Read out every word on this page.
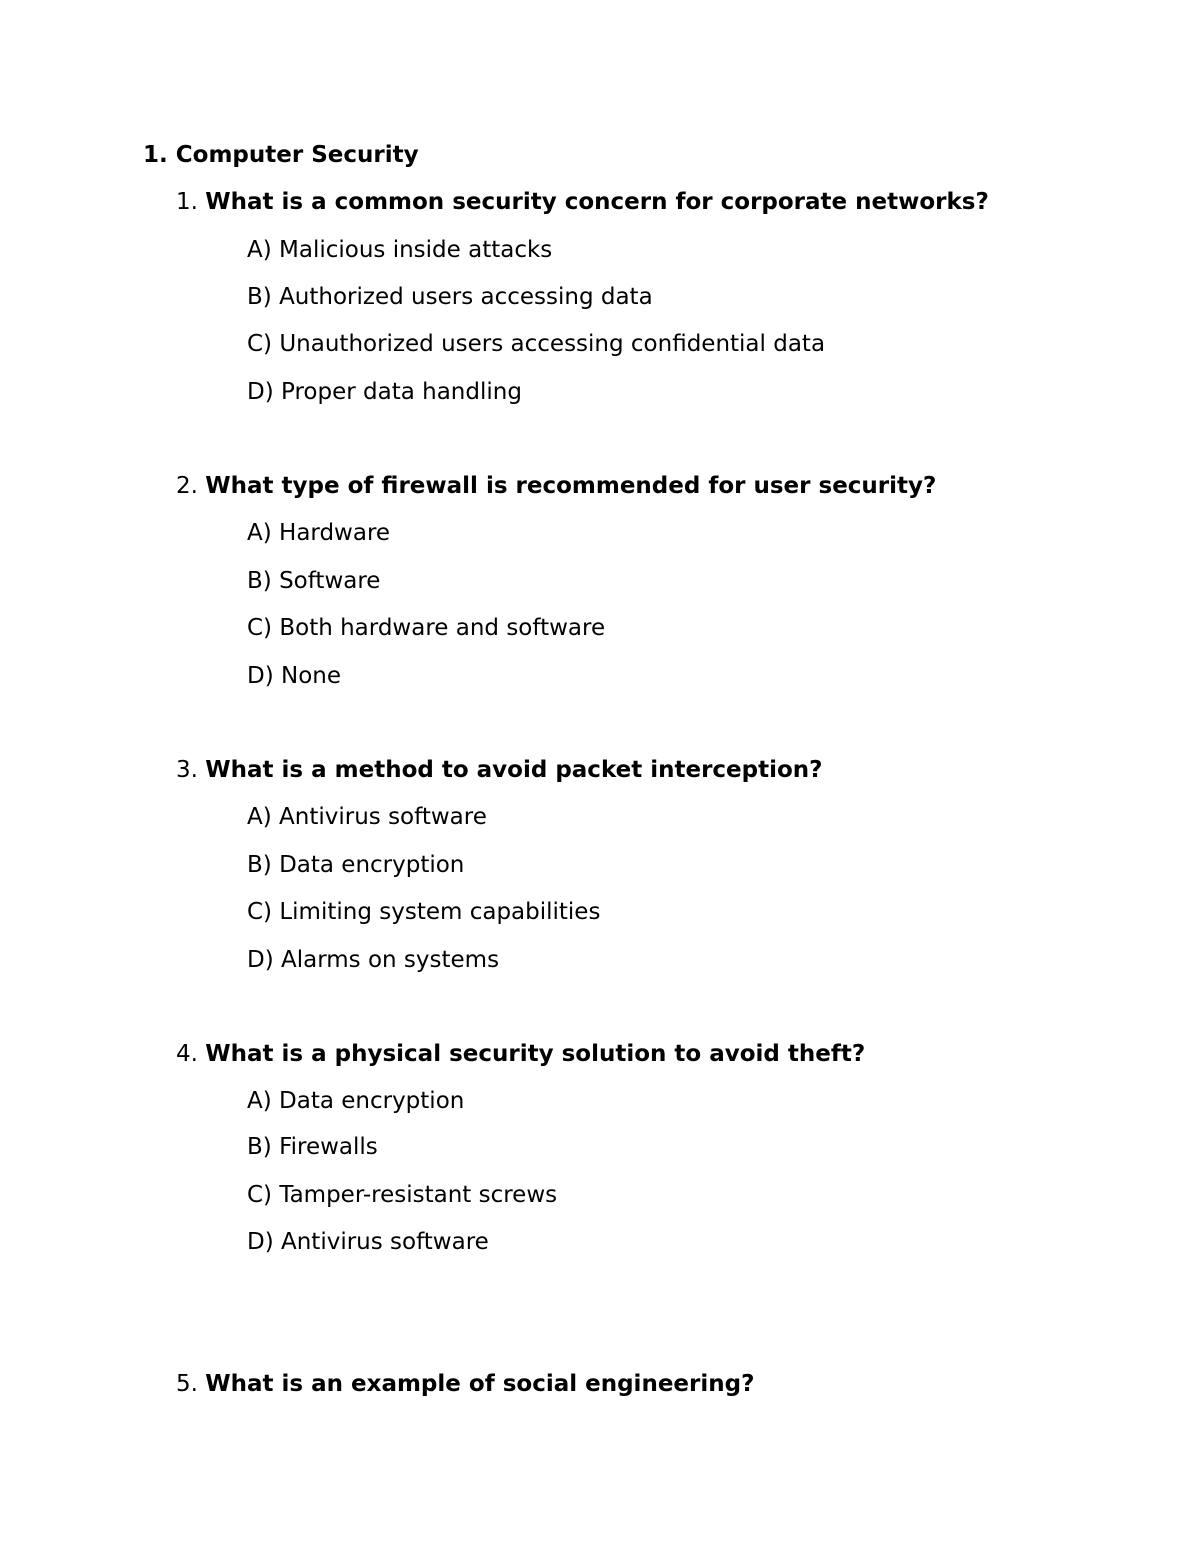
1. Computer Security
1. What is a common security concern for corporate networks?
A) Malicious inside attacks
B) Authorized users accessing data
C) Unauthorized users accessing confidential data
D) Proper data handling
2. What type of firewall is recommended for user security?
A) Hardware
B) Software
C) Both hardware and software
D) None
3. What is a method to avoid packet interception?
A) Antivirus software
B) Data encryption
C) Limiting system capabilities
D) Alarms on systems
4. What is a physical security solution to avoid theft?
A) Data encryption
B) Firewalls
C) Tamper-resistant screws
D) Antivirus software
5. What is an example of social engineering?
